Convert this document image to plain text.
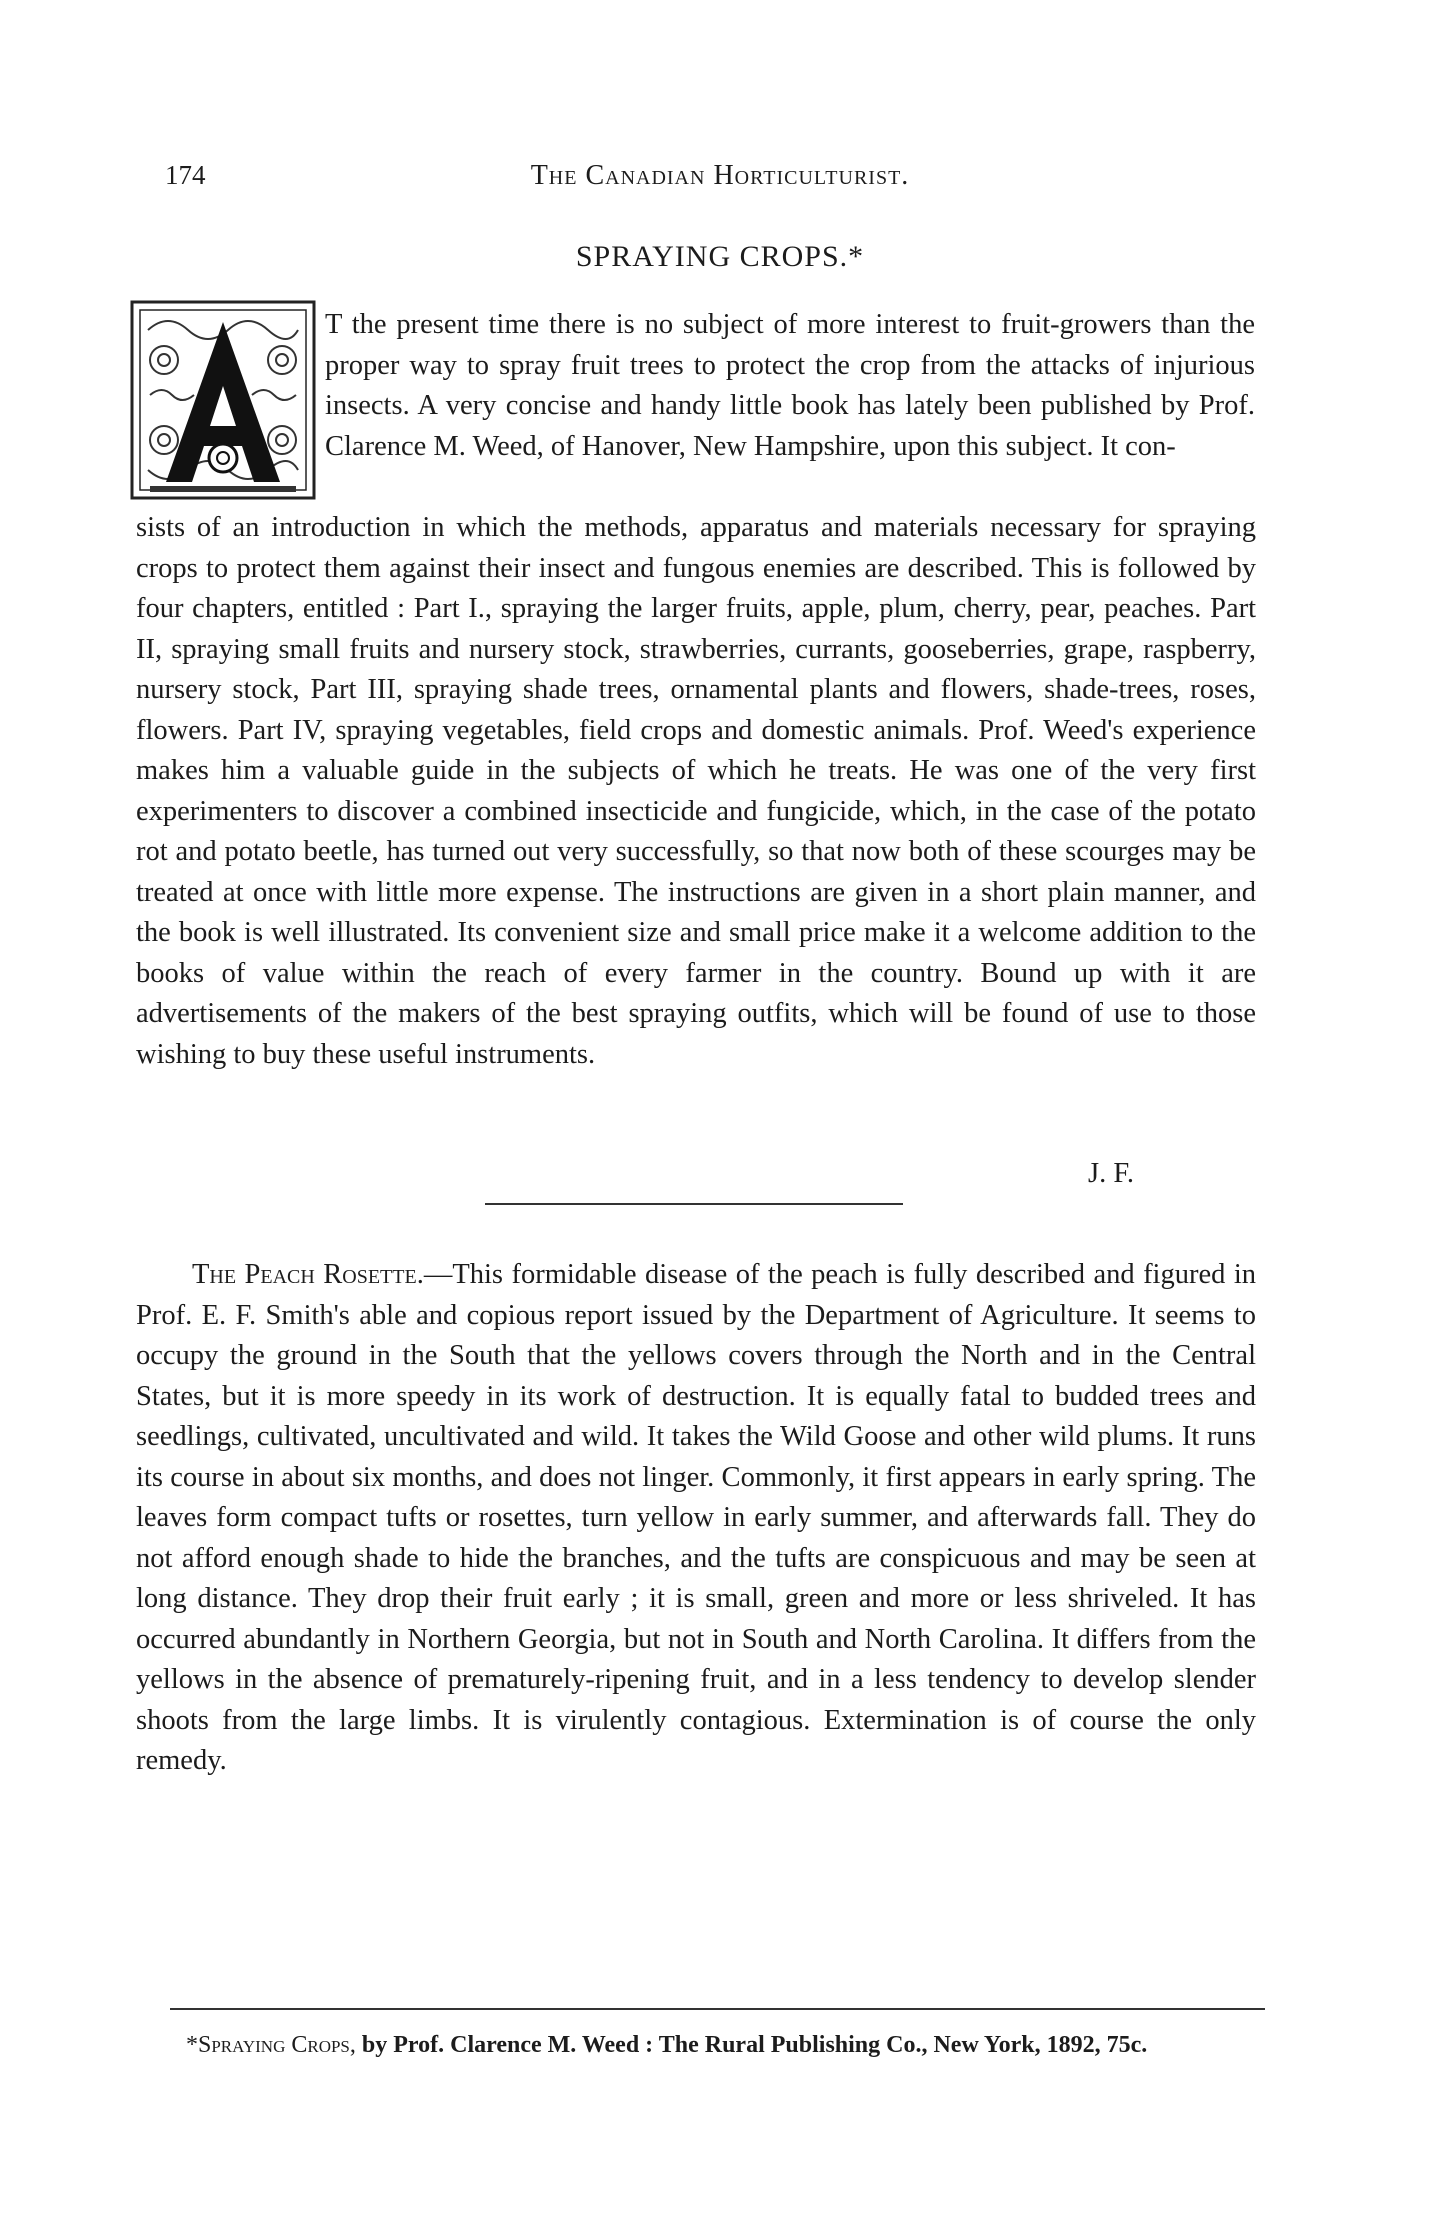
174	The Canadian Horticulturist.
SPRAYING CROPS.*
A

T the present time there is no subject of more interest to fruit-growers than the proper way to spray fruit trees to protect the crop from the attacks of injurious insects. A very concise and handy little book has lately been published by Prof. Clarence M. Weed, of Hanover, New Hampshire, upon this subject. It con-

sists of an introduction in which the methods, apparatus and materials necessary for spraying crops to protect them against their insect and fungous enemies are described. This is followed by four chapters, entitled : Part I., spraying the larger fruits, apple, plum, cherry, pear, peaches. Part II, spraying small fruits and nursery stock, strawberries, currants, gooseberries, grape, raspberry, nursery stock, Part III, spraying shade trees, ornamental plants and flowers, shade-trees, roses, flowers. Part IV, spraying vegetables, field crops and domestic animals. Prof. Weed's experience makes him a valuable guide in the subjects of which he treats. He was one of the very first experimenters to discover a combined insecticide and fungicide, which, in the case of the potato rot and potato beetle, has turned out very successfully, so that now both of these scourges may be treated at once with little more expense. The instructions are given in a short plain manner, and the book is well illustrated. Its convenient size and small price make it a welcome addition to the books of value within the reach of every farmer in the country. Bound up with it are advertisements of the makers of the best spraying outfits, which will be found of use to those wishing to buy these useful instruments.

J. F.

The Peach Rosette.—This formidable disease of the peach is fully described and figured in Prof. E. F. Smith's able and copious report issued by the Department of Agriculture. It seems to occupy the ground in the South that the yellows covers through the North and in the Central States, but it is more speedy in its work of destruction. It is equally fatal to budded trees and seedlings, cultivated, uncultivated and wild. It takes the Wild Goose and other wild plums. It runs its course in about six months, and does not linger. Commonly, it first appears in early spring. The leaves form compact tufts or rosettes, turn yellow in early summer, and afterwards fall. They do not afford enough shade to hide the branches, and the tufts are conspicuous and may be seen at long distance. They drop their fruit early ; it is small, green and more or less shriveled. It has occurred abundantly in Northern Georgia, but not in South and North Carolina. It differs from the yellows in the absence of prematurely-ripening fruit, and in a less tendency to develop slender shoots from the large limbs. It is virulently contagious. Extermination is of course the only remedy.

*Spraying Crops, by Prof. Clarence M. Weed : The Rural Publishing Co., New York, 1892, 75c.
